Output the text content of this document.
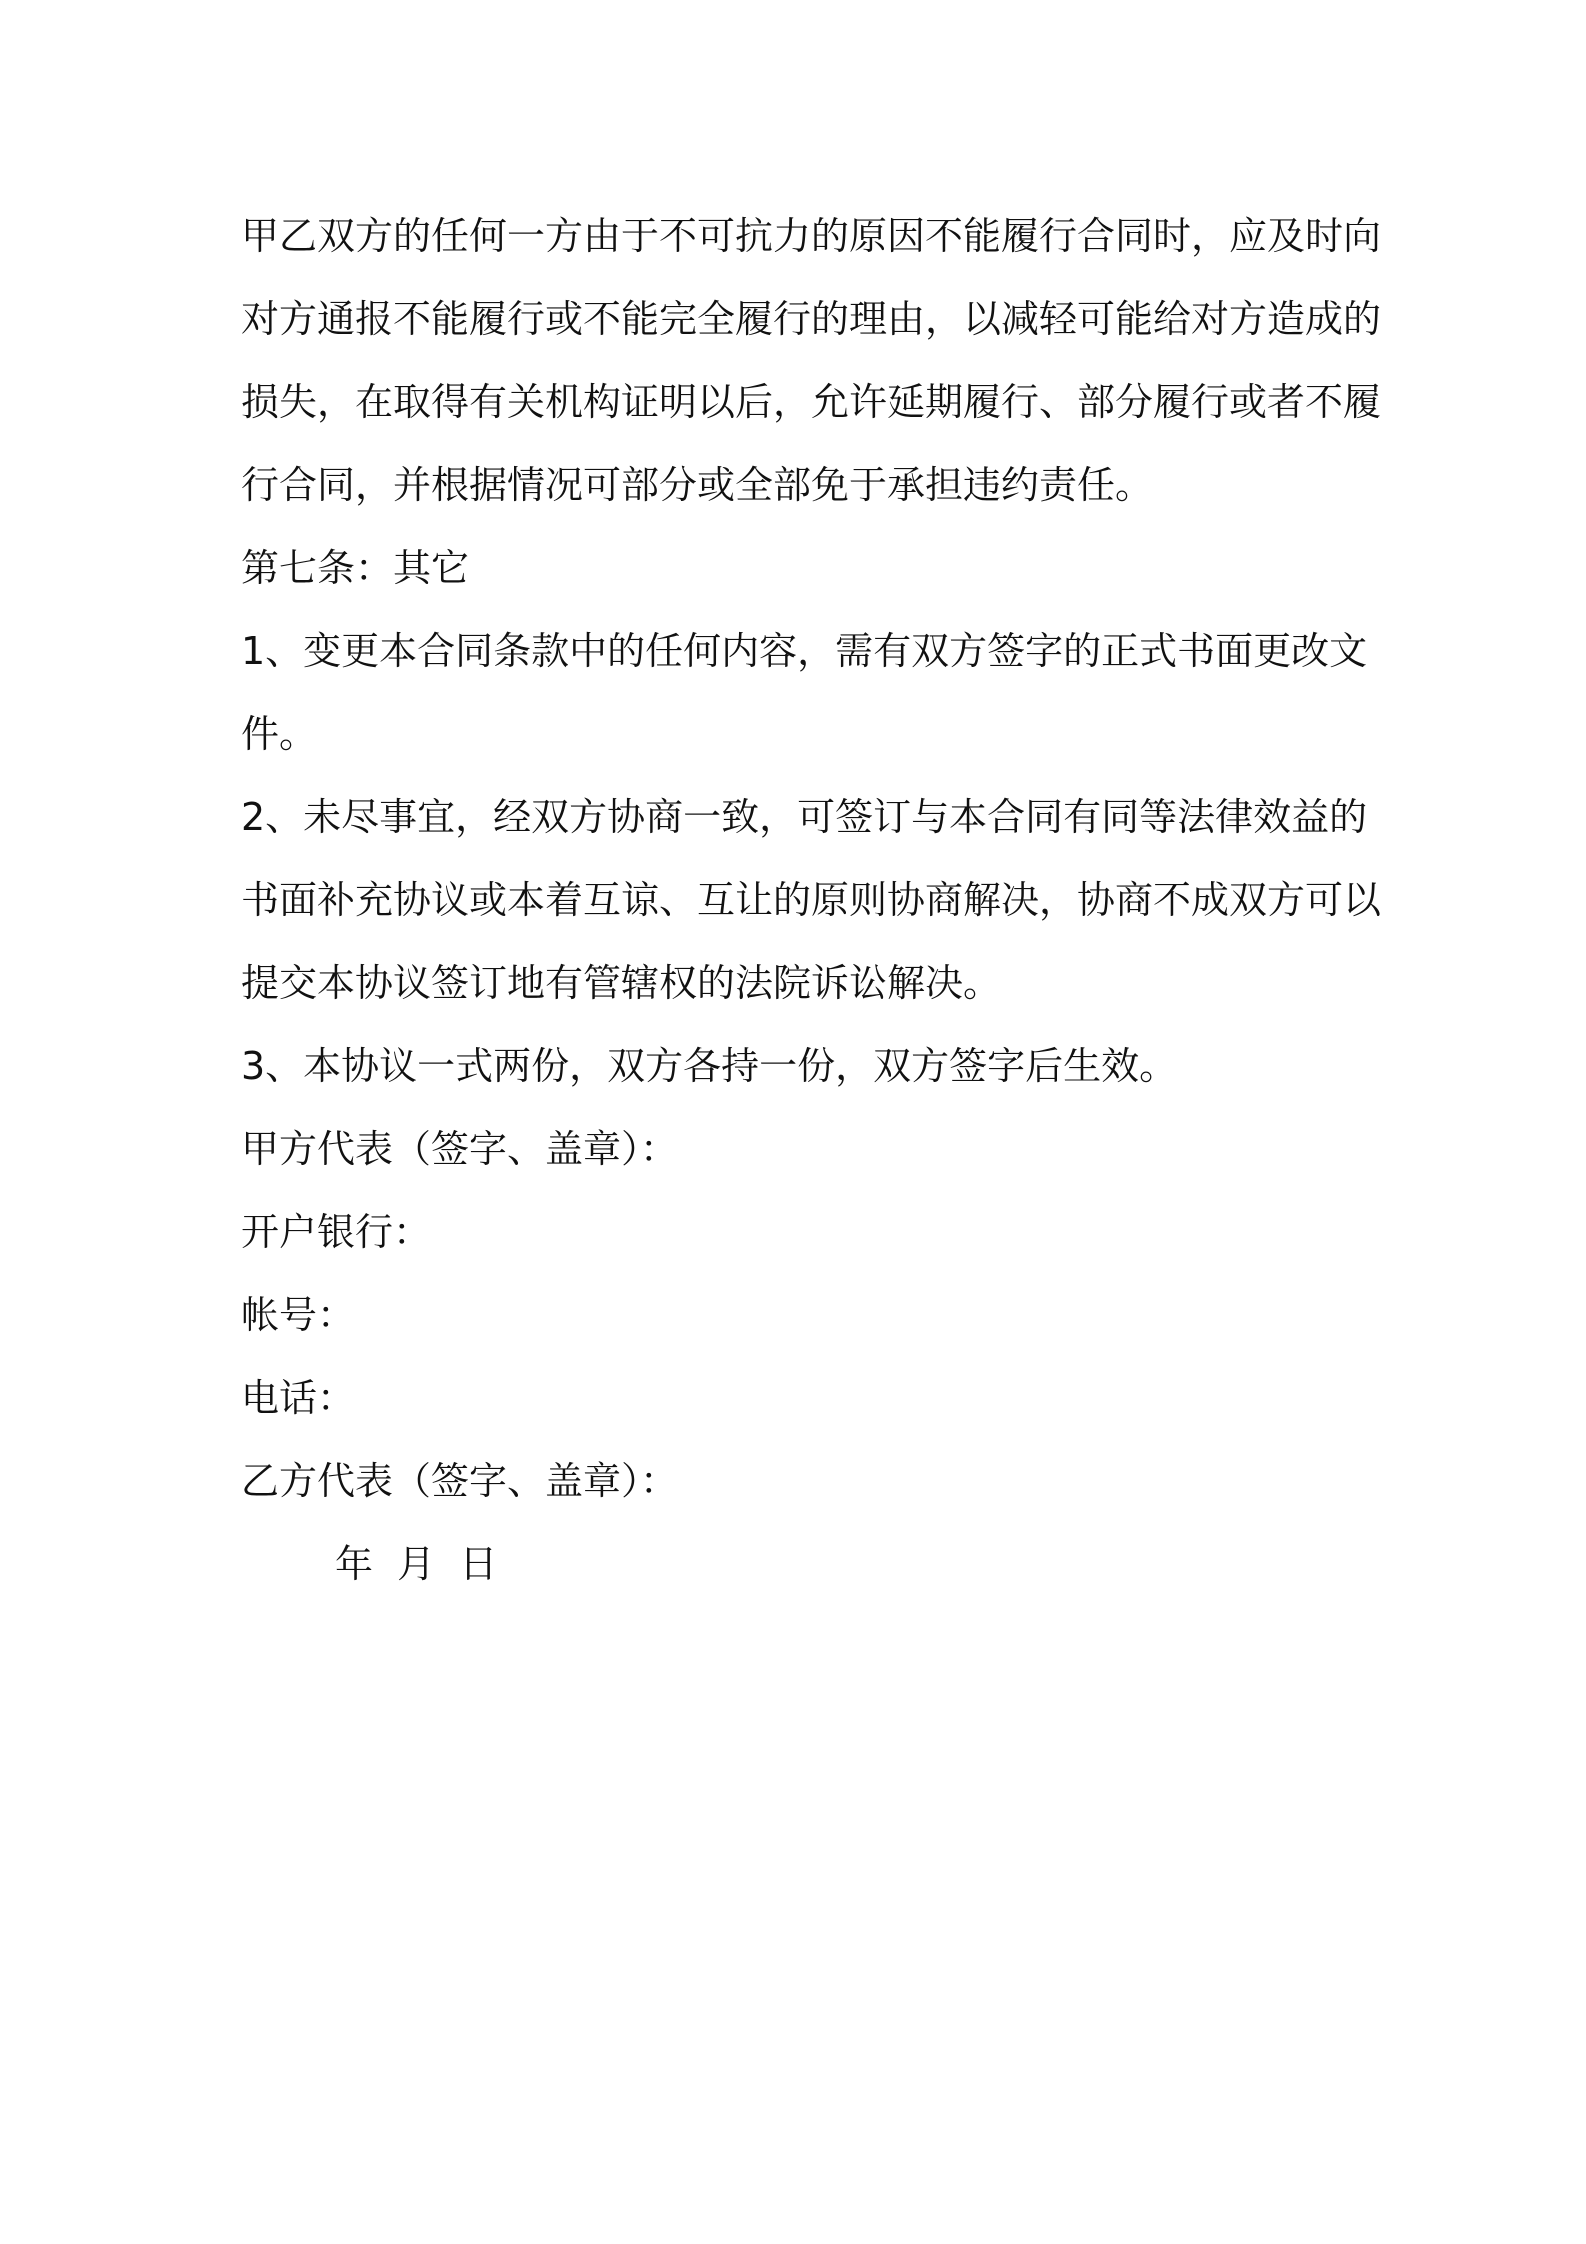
甲乙双方的任何一方由于不可抗力的原因不能履行合同时，应及时向
对方通报不能履行或不能完全履行的理由，以减轻可能给对方造成的
损失，在取得有关机构证明以后，允许延期履行、部分履行或者不履
行合同，并根据情况可部分或全部免于承担违约责任。
第七条：其它
1、变更本合同条款中的任何内容，需有双方签字的正式书面更改文
件。
2、未尽事宜，经双方协商一致，可签订与本合同有同等法律效益的
书面补充协议或本着互谅、互让的原则协商解决，协商不成双方可以
提交本协议签订地有管辖权的法院诉讼解决。
3、本协议一式两份，双方各持一份，双方签字后生效。
甲方代表（签字、盖章）：
开户银行：
帐号：
电话：
乙方代表（签字、盖章）：
年  月  日
